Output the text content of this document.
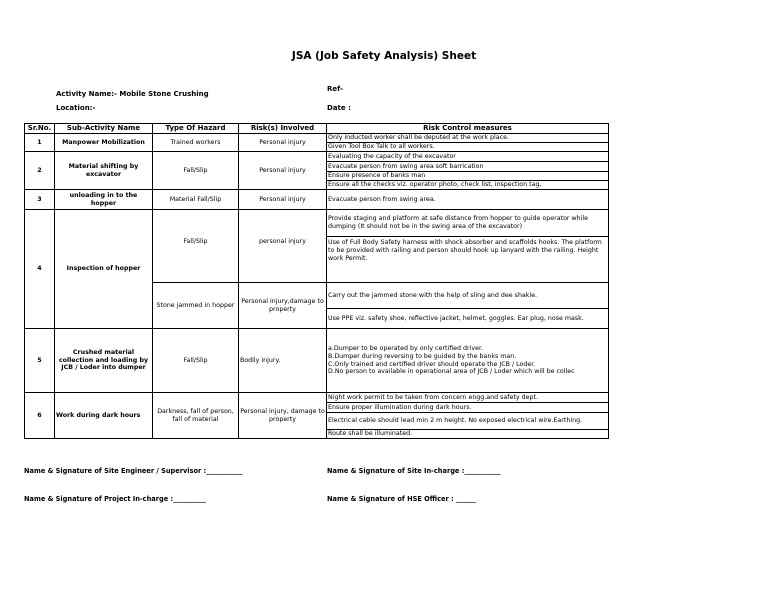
JSA (Job Safety Analysis) Sheet
Activity Name:- Mobile Stone Crushing
Location:-
Ref-
Date :
Sr.No.	Sub-Activity Name	Type Of Hazard	Risk(s) Involved	Risk Control measures
1	Manpower Mobilization	Trained workers	Personal injury	Only inducted worker shall be deputed at the work place.
				Given Tool Box Talk to all workers.
2	Material shifting by excavator	Fall/Slip	Personal injury	Evaluating the capacity of the excavator
				Evacuate person from swing area soft barrication
				Ensure presence of banks man
				Ensure all the checks viz. operator photo, check list, inspection tag,
3	unloading in to the hopper	Material Fall/Slip	Personal injury	Evacuate person from swing area.
4	Inspection of hopper	Fall/Slip	personal injury	Provide staging and platform at safe distance from hopper to guide operator while dumping (It should not be in the swing area of the excavator)
				Use of Full Body Safety harness with shock absorber and scaffolds hooks. The platform to be provided with railing and person should hook up lanyard with the railing. Height work Permit.
		Stone jammed in hopper	Personal injury,damage to property	Carry out the jammed stone with the help of sling and dee shakle.
				Use PPE viz. safety shoe, reflective jacket, helmet, goggles. Ear plug, nose mask.
5	Crushed material collection and loading by JCB / Loder into dumper	Fall/Slip	Bodily injury.	a.Dumper to be operated by only certified driver.
B.Dumper during reversing to be guided by the banks man.
C.Only trained and certified driver should operate the JCB / Loder.
D.No person to available in operational area of JCB / Loder which will be collec

6	Work during dark hours	Darkness, fall of person, fall of material	Personal injury, damage to property	Night work permit to be taken from concern engg.and safety dept.
				Ensure proper illumination during dark hours.
				Electrical cable should lead min 2 m height. No exposed electrical wire.Earthing.
				Route shall be illuminated.
Name & Signature of Site Engineer / Supervisor :___________	Name & Signature of Site In-charge :___________
Name & Signature of Project In-charge :__________	Name & Signature of HSE Officer : ______
